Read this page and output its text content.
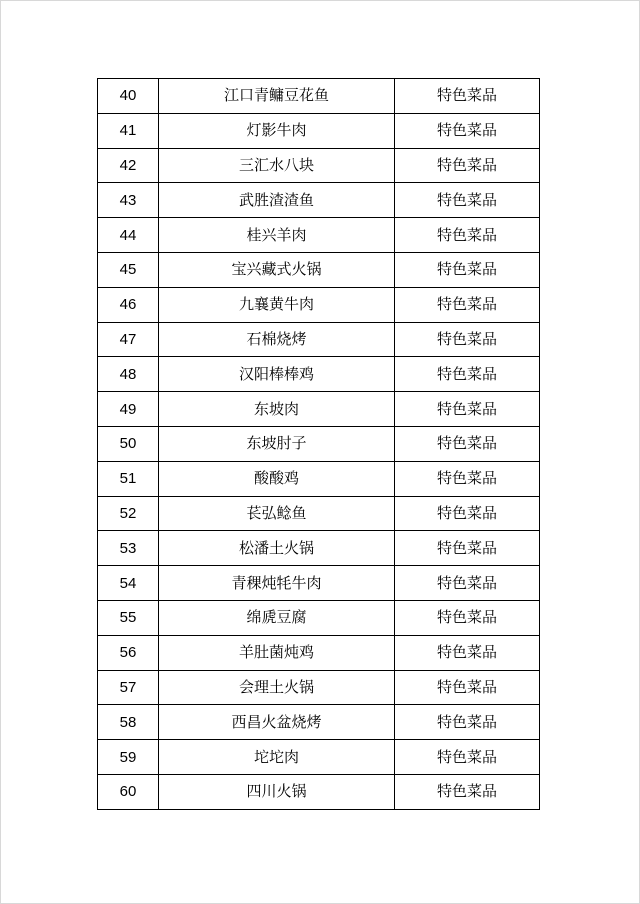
40	江口青鳙豆花鱼	特色菜品
41	灯影牛肉	特色菜品
42	三汇水八块	特色菜品
43	武胜渣渣鱼	特色菜品
44	桂兴羊肉	特色菜品
45	宝兴藏式火锅	特色菜品
46	九襄黄牛肉	特色菜品
47	石棉烧烤	特色菜品
48	汉阳棒棒鸡	特色菜品
49	东坡肉	特色菜品
50	东坡肘子	特色菜品
51	酸酸鸡	特色菜品
52	苌弘鲶鱼	特色菜品
53	松潘土火锅	特色菜品
54	青稞炖牦牛肉	特色菜品
55	绵虒豆腐	特色菜品
56	羊肚菌炖鸡	特色菜品
57	会理土火锅	特色菜品
58	西昌火盆烧烤	特色菜品
59	坨坨肉	特色菜品
60	四川火锅	特色菜品
